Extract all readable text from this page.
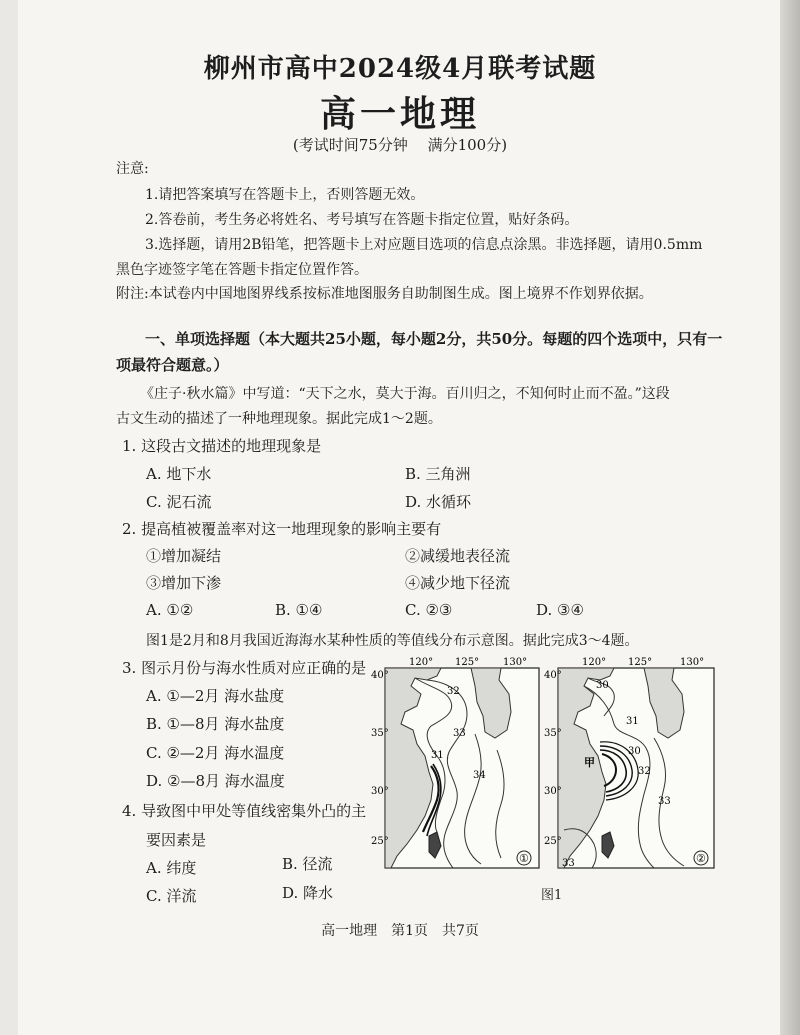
柳州市高中2024级4月联考试题
高一地理
(考试时间75分钟　 满分100分)
注意:
1.请把答案填写在答题卡上，否则答题无效。
2.答卷前，考生务必将姓名、考号填写在答题卡指定位置，贴好条码。
3.选择题，请用2B铅笔，把答题卡上对应题目选项的信息点涂黑。非选择题，请用0.5mm
黑色字迹签字笔在答题卡指定位置作答。
附注:本试卷内中国地图界线系按标准地图服务自助制图生成。图上境界不作划界依据。
一、单项选择题（本大题共25小题，每小题2分，共50分。每题的四个选项中，只有一
项最符合题意。）
《庄子·秋水篇》中写道：“天下之水，莫大于海。百川归之，不知何时止而不盈。”这段
古文生动的描述了一种地理现象。据此完成1～2题。
1. 这段古文描述的地理现象是
A. 地下水	B. 三角洲
C. 泥石流	D. 水循环
2. 提高植被覆盖率对这一地理现象的影响主要有
①增加凝结	②减缓地表径流
③增加下渗	④减少地下径流
A. ①②	B. ①④	C. ②③	D. ③④
图1是2月和8月我国近海海水某种性质的等值线分布示意图。据此完成3～4题。
3. 图示月份与海水性质对应正确的是
A. ①—2月 海水盐度
B. ①—8月 海水盐度
C. ②—2月 海水温度
D. ②—8月 海水温度
4. 导致图中甲处等值线密集外凸的主
要因素是
A. 纬度	B. 径流
C. 洋流	D. 降水
120° 125° 130°
40°
35°
30°
25°
32
33
31
34
①
120° 125°	130°
40°
35°
30°
25°
30
31
30
32
33
33
甲
②
图1
高一地理　第1页　共7页
